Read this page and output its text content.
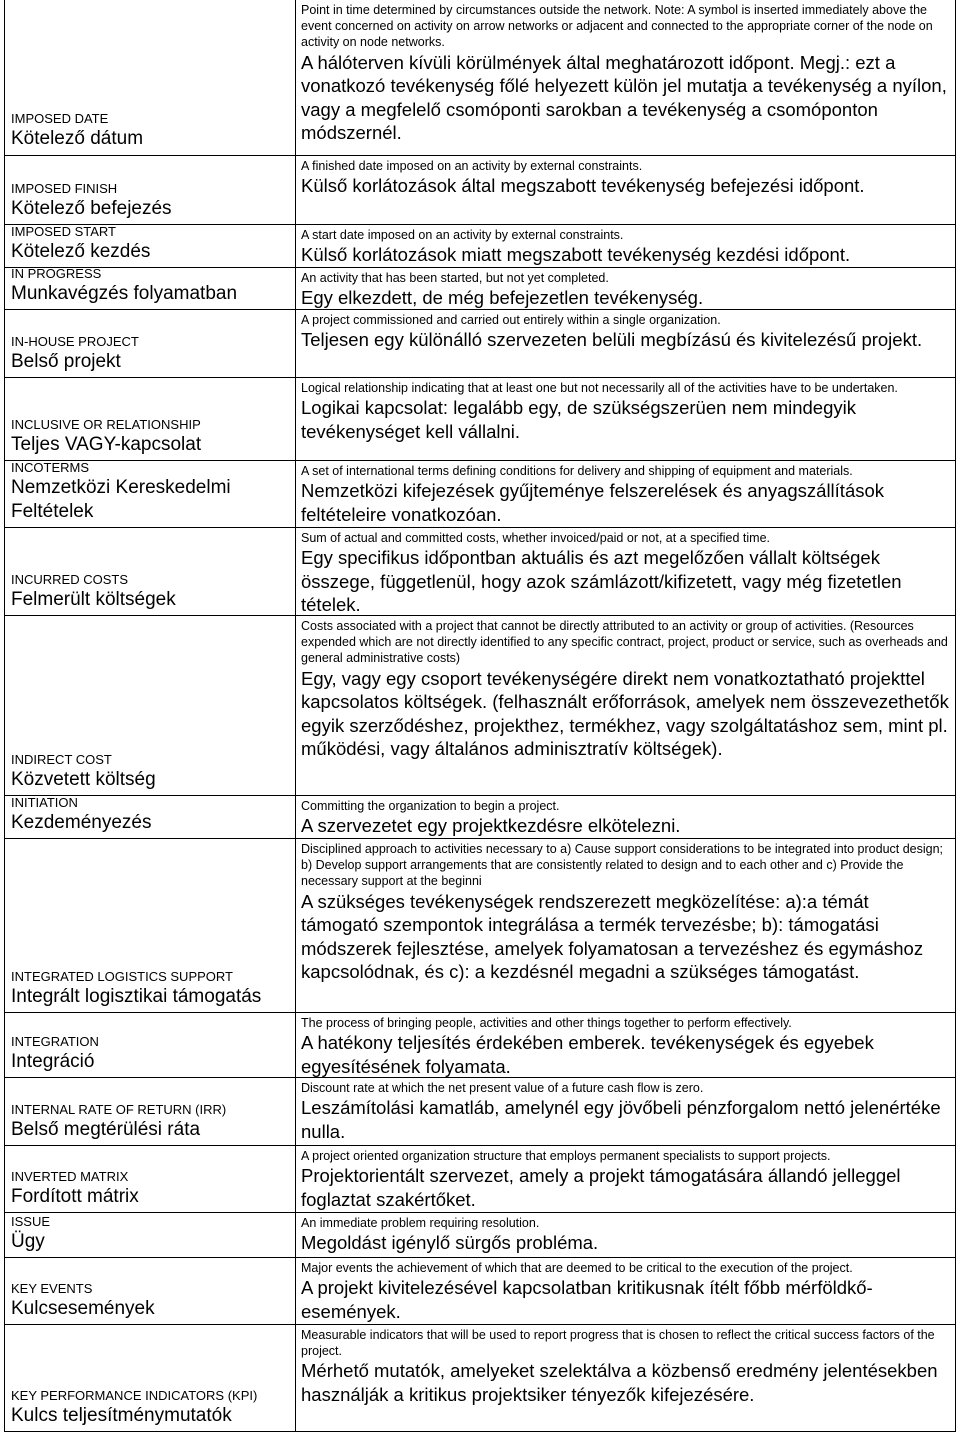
IMPOSED DATE
Kötelező dátum
Point in time determined by circumstances outside the network. Note: A symbol is inserted immediately above the event concerned on activity on arrow networks or adjacent and connected to the appropriate corner of the node on activity on node networks.
A hálóterven kívüli körülmények által meghatározott időpont. Megj.: ezt a vonatkozó tevékenység főlé helyezett külön jel mutatja a tevékenység a nyílon, vagy a megfelelő csomóponti sarokban a tevékenység a csomóponton módszernél.
IMPOSED FINISH
Kötelező befejezés
A finished date imposed on an activity by external constraints.
Külső korlátozások által megszabott tevékenység befejezési időpont.
IMPOSED START
Kötelező kezdés
A start date imposed on an activity by external constraints.
Külső korlátozások miatt megszabott tevékenység kezdési időpont.
IN PROGRESS
Munkavégzés folyamatban
An activity that has been started, but not yet completed.
Egy elkezdett, de még befejezetlen tevékenység.
IN-HOUSE PROJECT
Belső projekt
A project commissioned and carried out entirely within a single organization.
Teljesen egy különálló szervezeten belüli megbízású és kivitelezésű projekt.
INCLUSIVE OR RELATIONSHIP
Teljes VAGY-kapcsolat
Logical relationship indicating that at least one but not necessarily all of the activities have to be undertaken.
Logikai kapcsolat: legalább egy, de szükségszerüen nem mindegyik tevékenységet kell vállalni.
INCOTERMS
Nemzetközi Kereskedelmi Feltételek
A set of international terms defining conditions for delivery and shipping of equipment and materials.
Nemzetközi kifejezések gyűjteménye felszerelések és anyagszállítások feltételeire vonatkozóan.
INCURRED COSTS
Felmerült költségek
Sum of actual and committed costs, whether invoiced/paid or not, at a specified time.
Egy specifikus időpontban aktuális és azt megelőzően vállalt költségek összege, függetlenül, hogy azok számlázott/kifizetett, vagy még fizetetlen tételek.
INDIRECT COST
Közvetett költség
Costs associated with a project that cannot be directly attributed to an activity or group of activities. (Resources expended which are not directly identified to any specific contract, project, product or service, such as overheads and general administrative costs)
Egy, vagy egy csoport tevékenységére direkt nem vonatkoztatható projekttel kapcsolatos költségek. (felhasznált erőforrások, amelyek nem összevezethetők egyik szerződéshez, projekthez, termékhez, vagy szolgáltatáshoz sem, mint pl. működési, vagy általános adminisztratív költségek).
INITIATION
Kezdeményezés
Committing the organization to begin a project.
A szervezetet egy projektkezdésre elkötelezni.
INTEGRATED LOGISTICS SUPPORT
Integrált logisztikai támogatás
Disciplined approach to activities necessary to a) Cause support considerations to be integrated into product design; b) Develop support arrangements that are consistently related to design and to each other and c) Provide the necessary support at the beginni
A szükséges tevékenységek rendszerezett megközelítése: a):a témát támogató szempontok integrálása a termék tervezésbe; b): támogatási módszerek fejlesztése, amelyek folyamatosan a tervezéshez és egymáshoz kapcsolódnak, és c): a kezdésnél megadni a szükséges támogatást.
INTEGRATION
Integráció
The process of bringing people, activities and other things together to perform effectively.
A hatékony teljesítés érdekében emberek. tevékenységek és egyebek egyesítésének folyamata.
INTERNAL RATE OF RETURN (IRR)
Belső megtérülési ráta
Discount rate at which the net present value of a future cash flow is zero.
Leszámítolási kamatláb, amelynél egy jövőbeli pénzforgalom nettó jelenértéke nulla.
INVERTED MATRIX
Fordított mátrix
A project oriented organization structure that employs permanent specialists to support projects.
Projektorientált szervezet, amely a projekt támogatására állandó jelleggel foglaztat szakértőket.
ISSUE
Ügy
An immediate problem requiring resolution.
Megoldást igénylő sürgős probléma.
KEY EVENTS
Kulcsesemények
Major events the achievement of which that are deemed to be critical to the execution of the project.
A projekt kivitelezésével kapcsolatban kritikusnak ítélt főbb mérföldkő-események.
KEY PERFORMANCE INDICATORS (KPI)
Kulcs teljesítménymutatók
Measurable indicators that will be used to report progress that is chosen to reflect the critical success factors of the project.
Mérhető mutatók, amelyeket szelektálva a közbenső eredmény jelentésekben használják a kritikus projektsiker tényezők kifejezésére.
